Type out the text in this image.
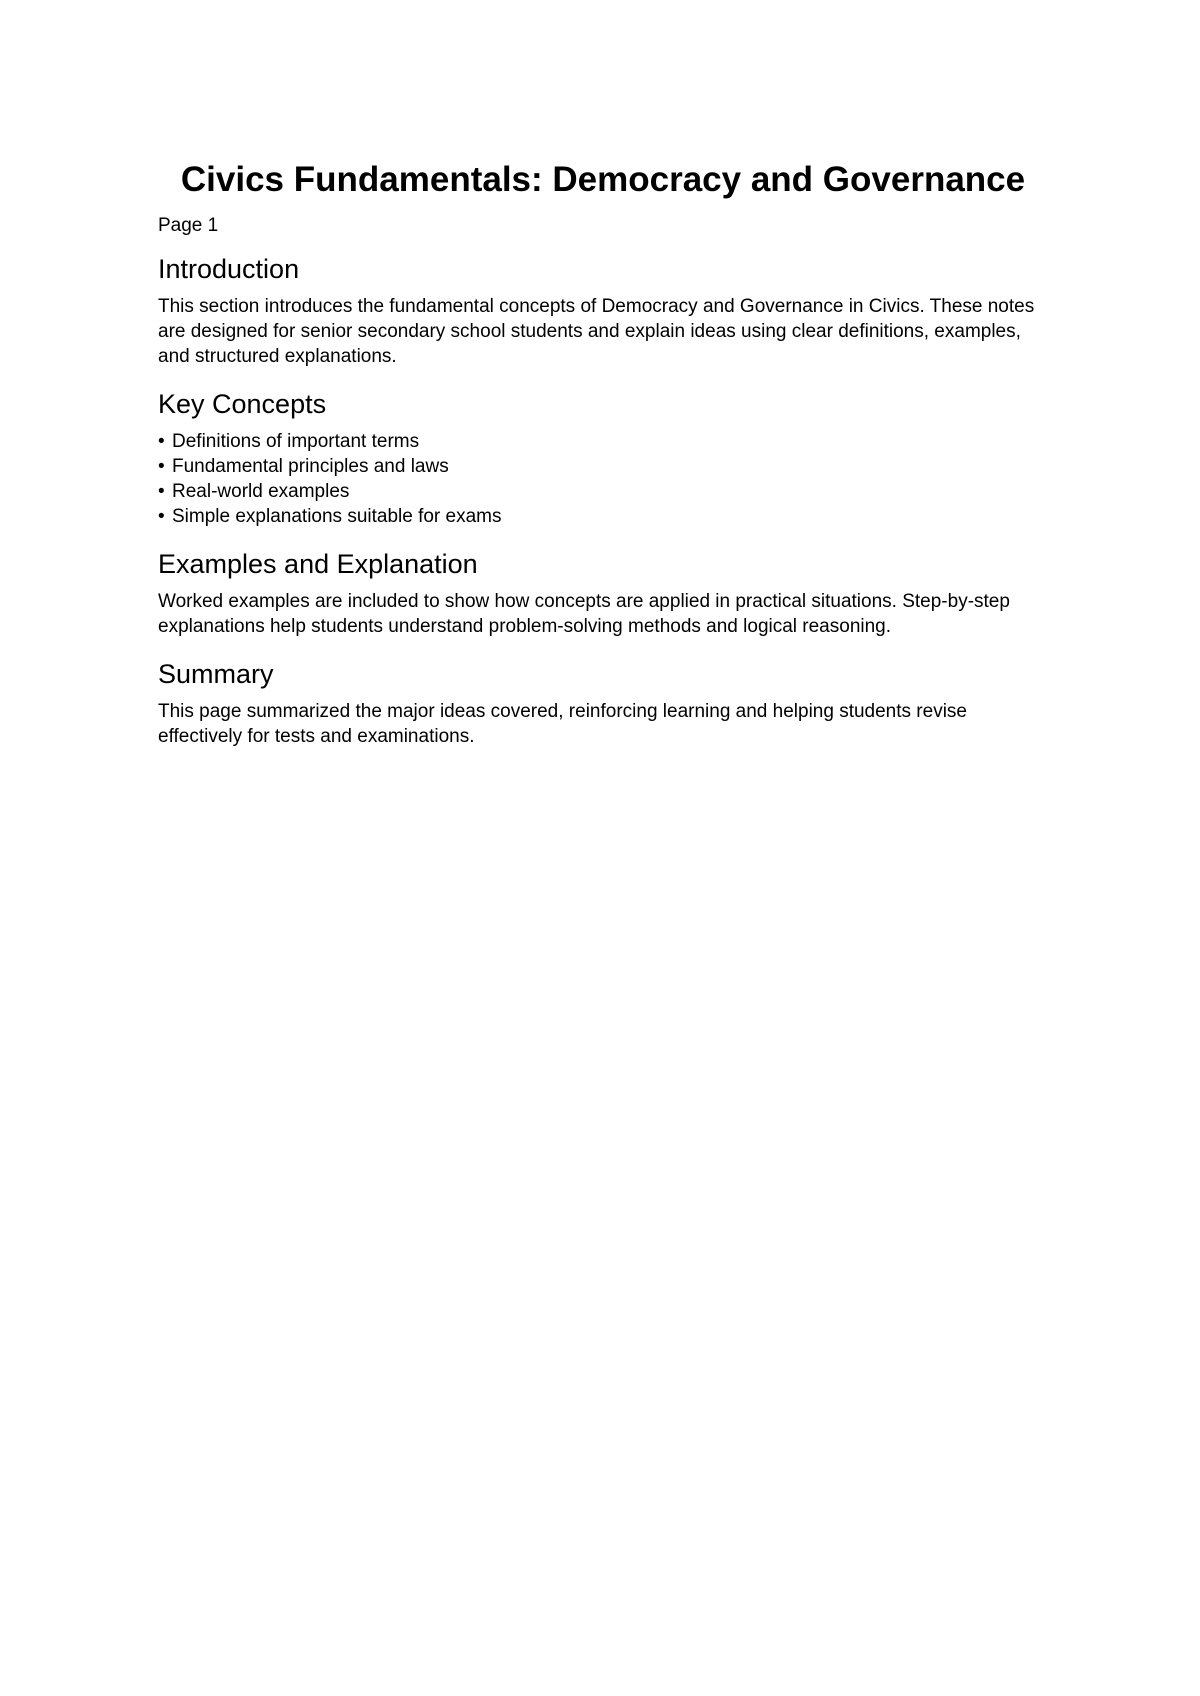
Civics Fundamentals: Democracy and Governance

Page 1

Introduction

This section introduces the fundamental concepts of Democracy and Governance in Civics. These notes are designed for senior secondary school students and explain ideas using clear definitions, examples, and structured explanations.

Key Concepts
• Definitions of important terms
• Fundamental principles and laws
• Real-world examples
• Simple explanations suitable for exams
Examples and Explanation

Worked examples are included to show how concepts are applied in practical situations. Step-by-step explanations help students understand problem-solving methods and logical reasoning.

Summary

This page summarized the major ideas covered, reinforcing learning and helping students revise effectively for tests and examinations.
